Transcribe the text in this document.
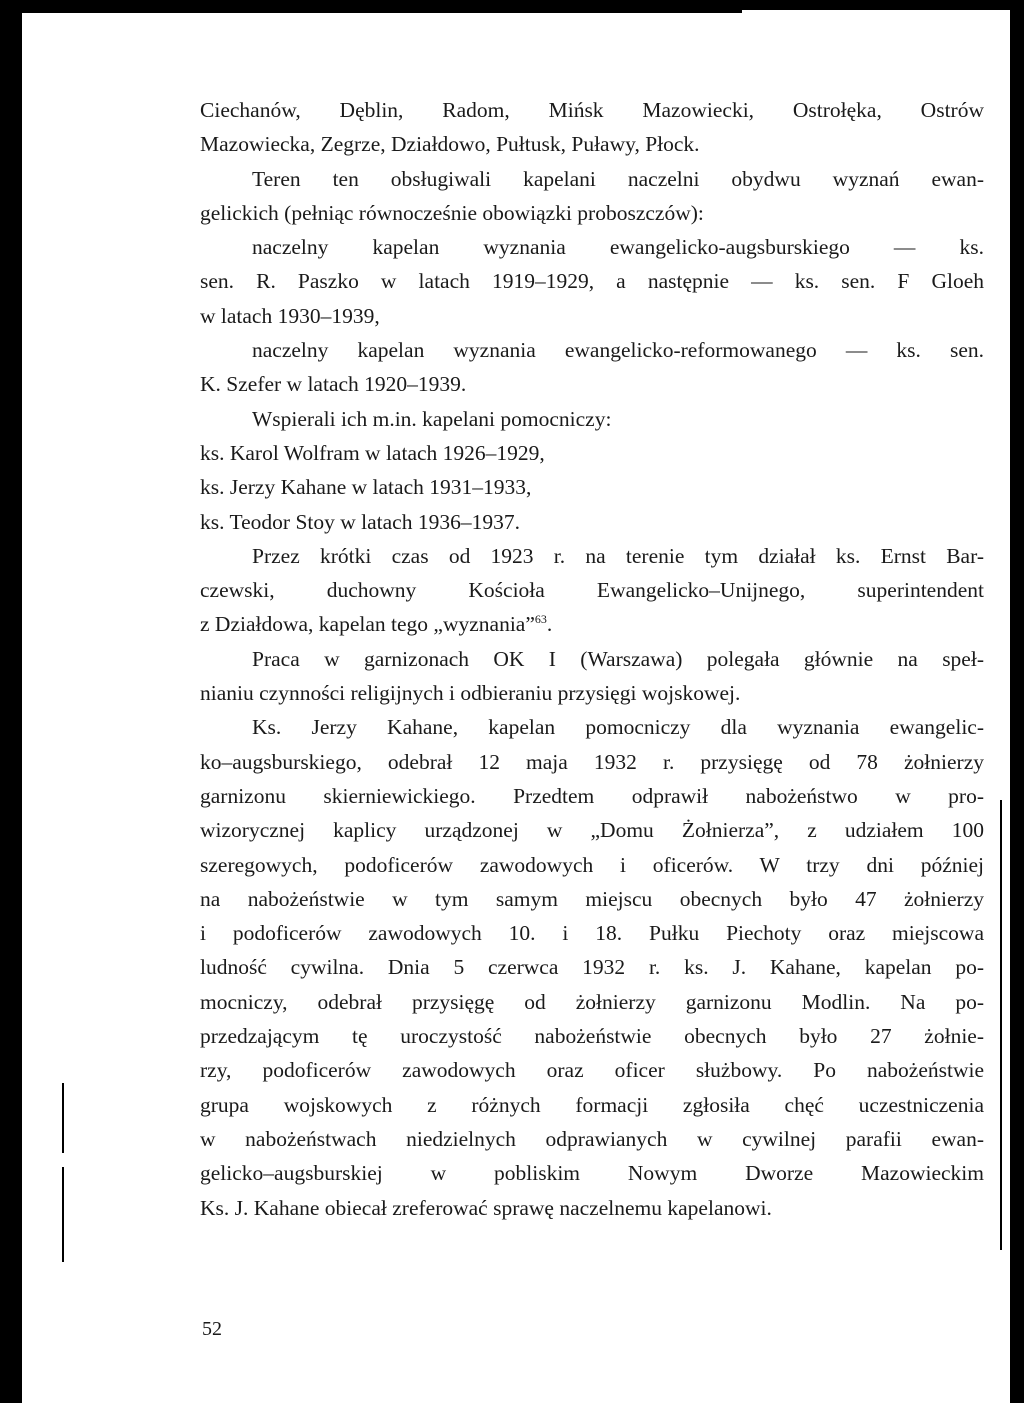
Ciechanów, Dęblin, Radom, Mińsk Mazowiecki, Ostrołęka, Ostrów
Mazowiecka, Zegrze, Działdowo, Pułtusk, Puławy, Płock.
Teren ten obsługiwali kapelani naczelni obydwu wyznań ewan-
gelickich (pełniąc równocześnie obowiązki proboszczów):
naczelny kapelan wyznania ewangelicko-augsburskiego — ks.
sen. R. Paszko w latach 1919–1929, a następnie — ks. sen. F Gloeh
w latach 1930–1939,
naczelny kapelan wyznania ewangelicko-reformowanego — ks. sen.
K. Szefer w latach 1920–1939.
Wspierali ich m.in. kapelani pomocniczy:
ks. Karol Wolfram w latach 1926–1929,
ks. Jerzy Kahane w latach 1931–1933,
ks. Teodor Stoy w latach 1936–1937.
Przez krótki czas od 1923 r. na terenie tym działał ks. Ernst Bar-
czewski, duchowny Kościoła Ewangelicko–Unijnego, superintendent
z Działdowa, kapelan tego „wyznania”$^{63}$.
Praca w garnizonach OK I (Warszawa) polegała głównie na speł-
nianiu czynności religijnych i odbieraniu przysięgi wojskowej.
Ks. Jerzy Kahane, kapelan pomocniczy dla wyznania ewangelic-
ko–augsburskiego, odebrał 12 maja 1932 r. przysięgę od 78 żołnierzy
garnizonu skierniewickiego. Przedtem odprawił nabożeństwo w pro-
wizorycznej kaplicy urządzonej w „Domu Żołnierza”, z udziałem 100
szeregowych, podoficerów zawodowych i oficerów. W trzy dni później
na nabożeństwie w tym samym miejscu obecnych było 47 żołnierzy
i podoficerów zawodowych 10. i 18. Pułku Piechoty oraz miejscowa
ludność cywilna. Dnia 5 czerwca 1932 r. ks. J. Kahane, kapelan po-
mocniczy, odebrał przysięgę od żołnierzy garnizonu Modlin. Na po-
przedzającym tę uroczystość nabożeństwie obecnych było 27 żołnie-
rzy, podoficerów zawodowych oraz oficer służbowy. Po nabożeństwie
grupa wojskowych z różnych formacji zgłosiła chęć uczestniczenia
w nabożeństwach niedzielnych odprawianych w cywilnej parafii ewan-
gelicko–augsburskiej w pobliskim Nowym Dworze Mazowieckim
Ks. J. Kahane obiecał zreferować sprawę naczelnemu kapelanowi.
52
